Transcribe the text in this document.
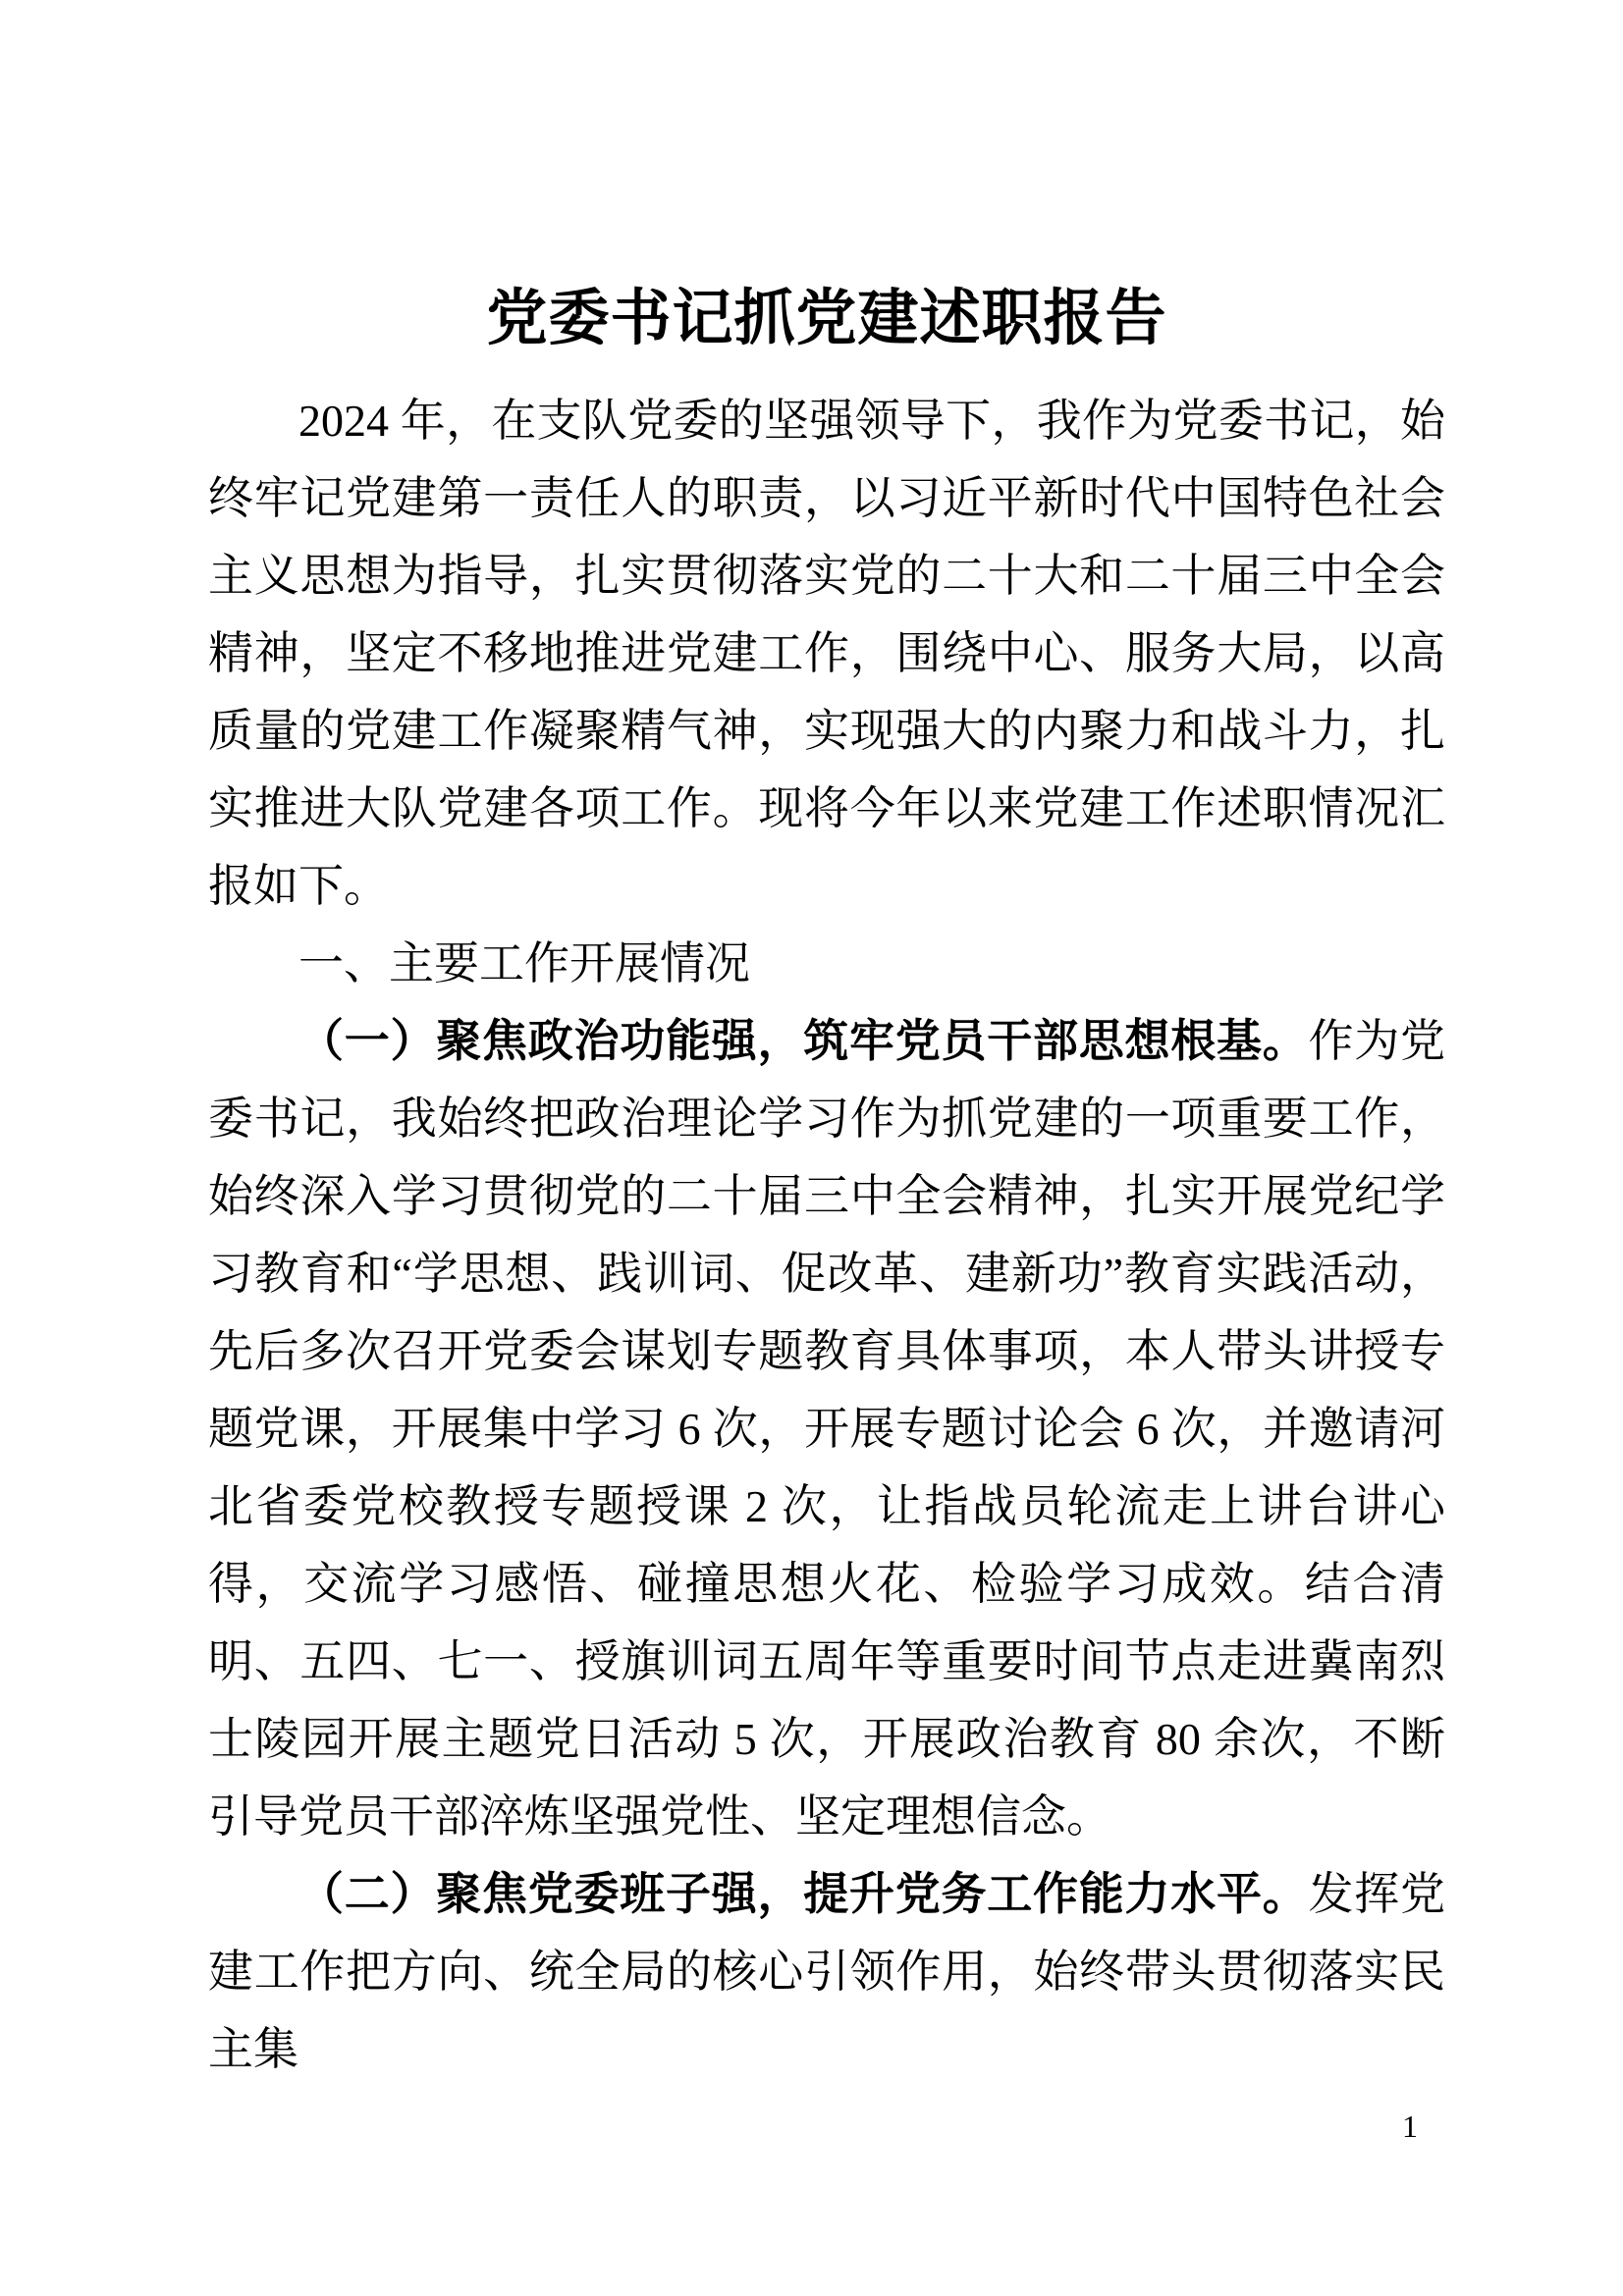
党委书记抓党建述职报告

2024 年，在支队党委的坚强领导下，我作为党委书记，始终牢记党建第一责任人的职责，以习近平新时代中国特色社会主义思想为指导，扎实贯彻落实党的二十大和二十届三中全会精神，坚定不移地推进党建工作，围绕中心、服务大局，以高质量的党建工作凝聚精气神，实现强大的内聚力和战斗力，扎实推进大队党建各项工作。现将今年以来党建工作述职情况汇报如下。

一、主要工作开展情况

（一）聚焦政治功能强，筑牢党员干部思想根基。作为党委书记，我始终把政治理论学习作为抓党建的一项重要工作，始终深入学习贯彻党的二十届三中全会精神，扎实开展党纪学习教育和“学思想、践训词、促改革、建新功”教育实践活动，先后多次召开党委会谋划专题教育具体事项，本人带头讲授专题党课，开展集中学习 6 次，开展专题讨论会 6 次，并邀请河北省委党校教授专题授课 2 次，让指战员轮流走上讲台讲心得，交流学习感悟、碰撞思想火花、检验学习成效。结合清明、五四、七一、授旗训词五周年等重要时间节点走进冀南烈士陵园开展主题党日活动 5 次，开展政治教育 80 余次，不断引导党员干部淬炼坚强党性、坚定理想信念。

（二）聚焦党委班子强，提升党务工作能力水平。发挥党建工作把方向、统全局的核心引领作用，始终带头贯彻落实民主集

1
